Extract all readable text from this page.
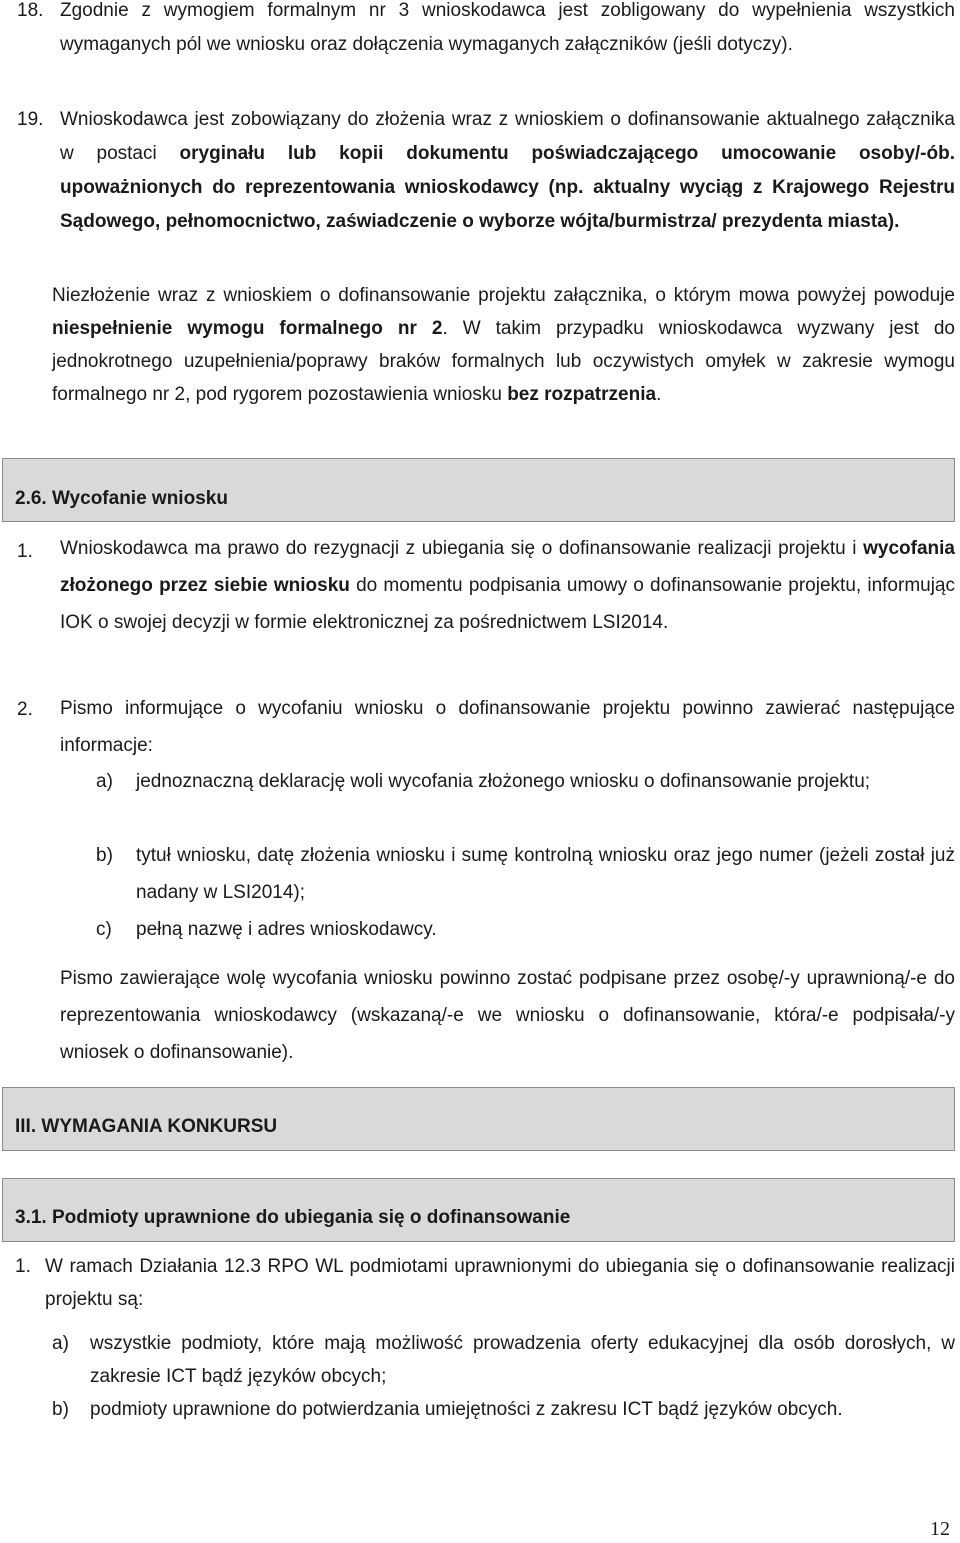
18. Zgodnie z wymogiem formalnym nr 3 wnioskodawca jest zobligowany do wypełnienia wszystkich wymaganych pól we wniosku oraz dołączenia wymaganych załączników (jeśli dotyczy).
19. Wnioskodawca jest zobowiązany do złożenia wraz z wnioskiem o dofinansowanie aktualnego załącznika w postaci oryginału lub kopii dokumentu poświadczającego umocowanie osoby/-ób. upoważnionych do reprezentowania wnioskodawcy (np. aktualny wyciąg z Krajowego Rejestru Sądowego, pełnomocnictwo, zaświadczenie o wyborze wójta/burmistrza/ prezydenta miasta).
Niezłożenie wraz z wnioskiem o dofinansowanie projektu załącznika, o którym mowa powyżej powoduje niespełnienie wymogu formalnego nr 2. W takim przypadku wnioskodawca wyzwany jest do jednokrotnego uzupełnienia/poprawy braków formalnych lub oczywistych omyłek w zakresie wymogu formalnego nr 2, pod rygorem pozostawienia wniosku bez rozpatrzenia.
2.6. Wycofanie wniosku
1. Wnioskodawca ma prawo do rezygnacji z ubiegania się o dofinansowanie realizacji projektu i wycofania złożonego przez siebie wniosku do momentu podpisania umowy o dofinansowanie projektu, informując IOK o swojej decyzji w formie elektronicznej za pośrednictwem LSI2014.
2. Pismo informujące o wycofaniu wniosku o dofinansowanie projektu powinno zawierać następujące informacje:
a) jednoznaczną deklarację woli wycofania złożonego wniosku o dofinansowanie projektu;
b) tytuł wniosku, datę złożenia wniosku i sumę kontrolną wniosku oraz jego numer (jeżeli został już nadany w LSI2014);
c) pełną nazwę i adres wnioskodawcy.
Pismo zawierające wolę wycofania wniosku powinno zostać podpisane przez osobę/-y uprawnioną/-e do reprezentowania wnioskodawcy (wskazaną/-e we wniosku o dofinansowanie, która/-e podpisała/-y wniosek o dofinansowanie).
III. WYMAGANIA KONKURSU
3.1. Podmioty uprawnione do ubiegania się o dofinansowanie
1. W ramach Działania 12.3 RPO WL podmiotami uprawnionymi do ubiegania się o dofinansowanie realizacji projektu są:
a) wszystkie podmioty, które mają możliwość prowadzenia oferty edukacyjnej dla osób dorosłych, w zakresie ICT bądź języków obcych;
b) podmioty uprawnione do potwierdzania umiejętności z zakresu ICT bądź języków obcych.
12
